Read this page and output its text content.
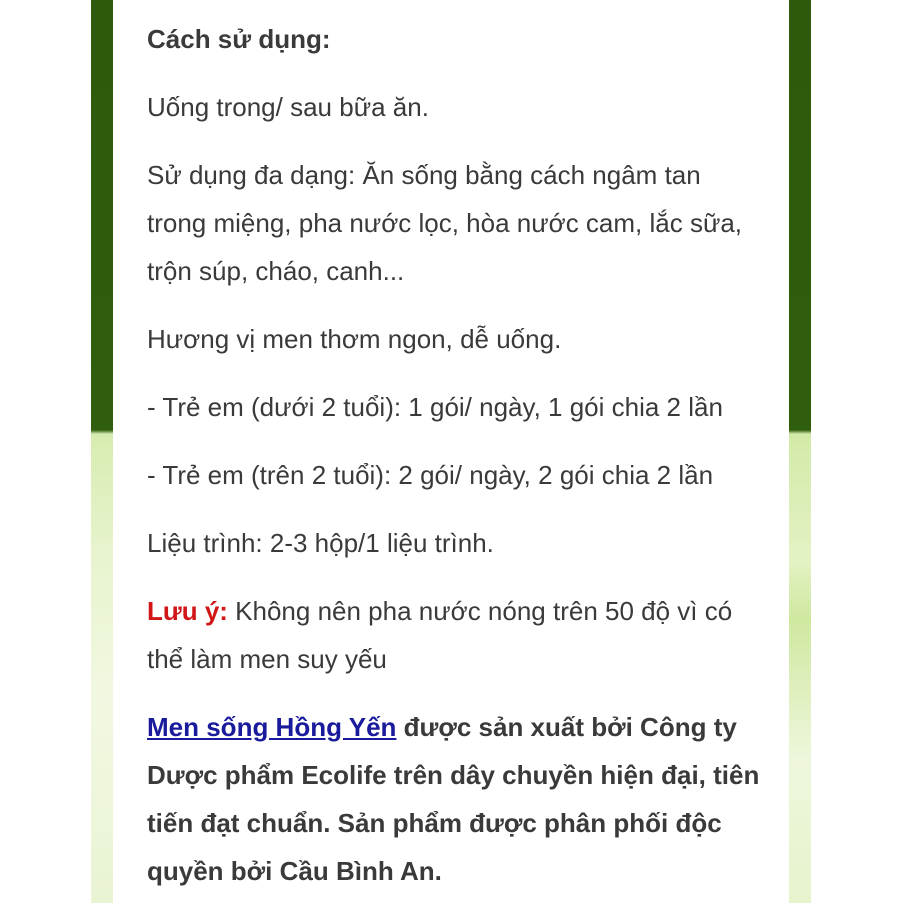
Cách sử dụng:
Uống trong/ sau bữa ăn.
Sử dụng đa dạng: Ăn sống bằng cách ngâm tan
trong miệng, pha nước lọc, hòa nước cam, lắc sữa,
trộn súp, cháo, canh...
Hương vị men thơm ngon, dễ uống.
- Trẻ em (dưới 2 tuổi): 1 gói/ ngày, 1 gói chia 2 lần
- Trẻ em (trên 2 tuổi): 2 gói/ ngày, 2 gói chia 2 lần
Liệu trình: 2-3 hộp/1 liệu trình.
Lưu ý: Không nên pha nước nóng trên 50 độ vì có
thể làm men suy yếu
Men sống Hồng Yến được sản xuất bởi Công ty
Dược phẩm Ecolife trên dây chuyền hiện đại, tiên
tiến đạt chuẩn. Sản phẩm được phân phối độc
quyền bởi Cầu Bình An.
